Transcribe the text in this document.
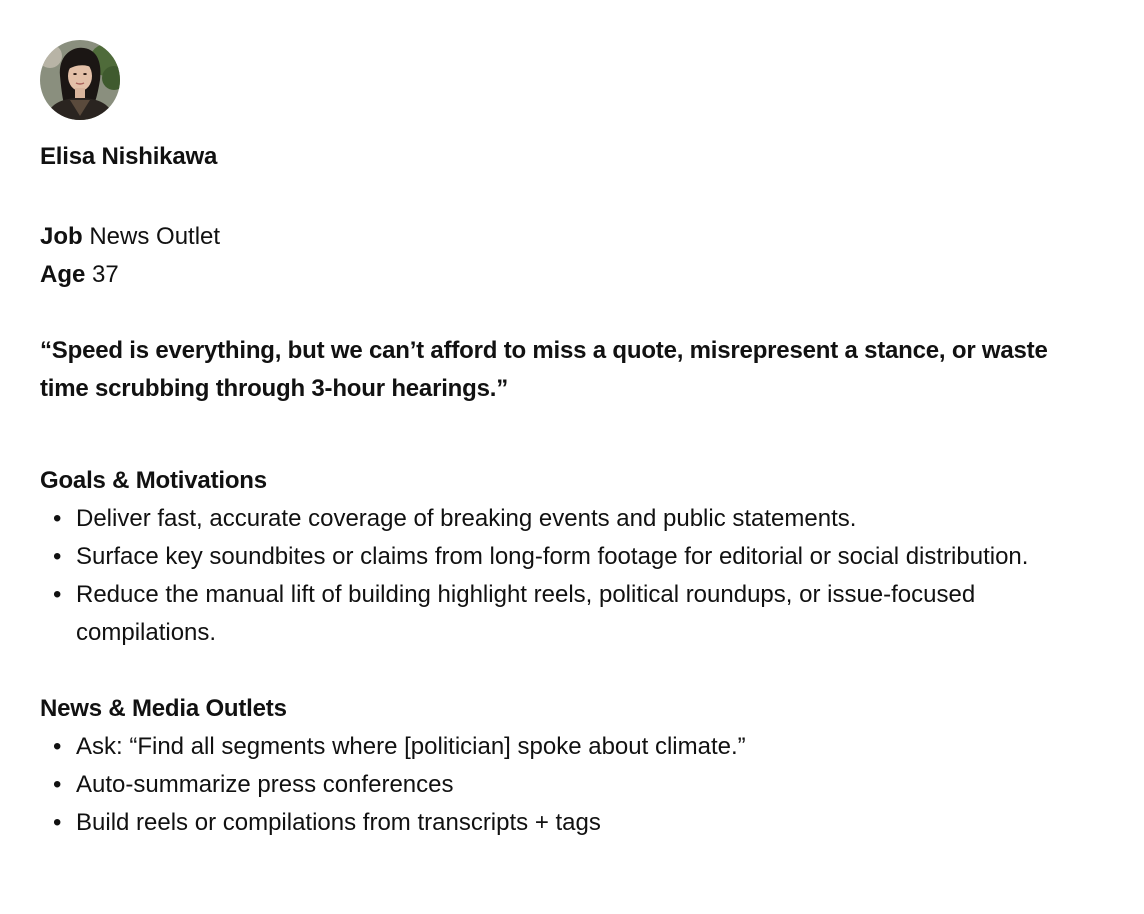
Elisa Nishikawa
Job News Outlet
Age 37
“Speed is everything, but we can’t afford to miss a quote, misrepresent a stance, or waste time scrubbing through 3-hour hearings.”
Goals & Motivations
• Deliver fast, accurate coverage of breaking events and public statements.
• Surface key soundbites or claims from long-form footage for editorial or social distribution.
• Reduce the manual lift of building highlight reels, political roundups, or issue-focused compilations.
News & Media Outlets
• Ask: “Find all segments where [politician] spoke about climate.”
• Auto-summarize press conferences
• Build reels or compilations from transcripts + tags
